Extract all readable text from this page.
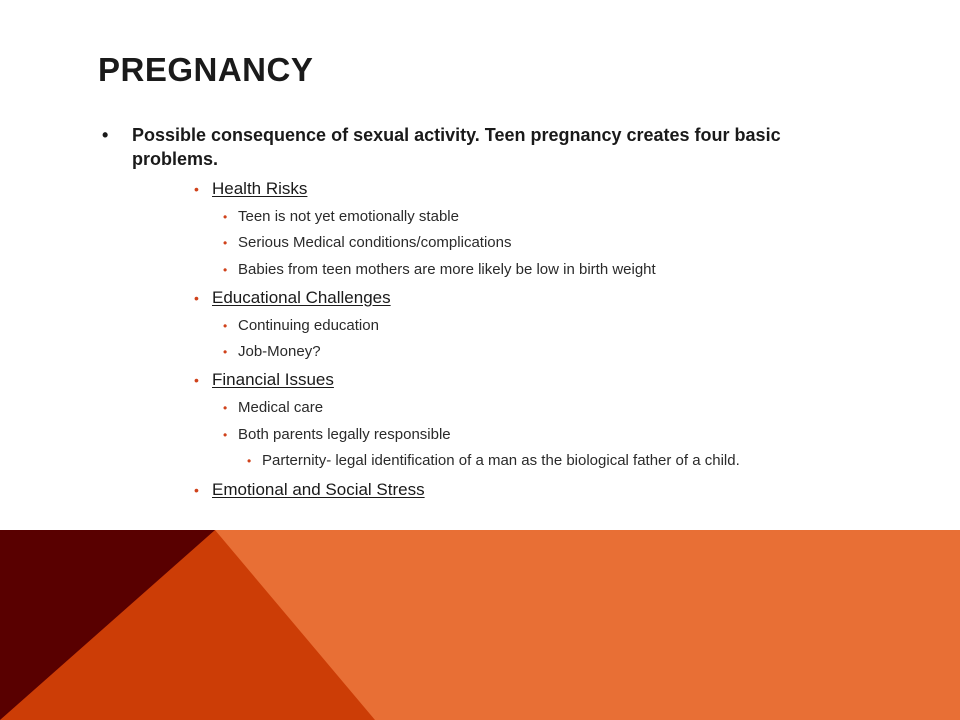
PREGNANCY
• Possible consequence of sexual activity. Teen pregnancy creates four basic problems.
• Health Risks
• Teen is not yet emotionally stable
• Serious Medical conditions/complications
• Babies from teen mothers are more likely be low in birth weight
• Educational Challenges
• Continuing education
• Job-Money?
• Financial Issues
• Medical care
• Both parents legally responsible
• Parternity- legal identification of a man as the biological father of a child.
• Emotional and Social Stress
